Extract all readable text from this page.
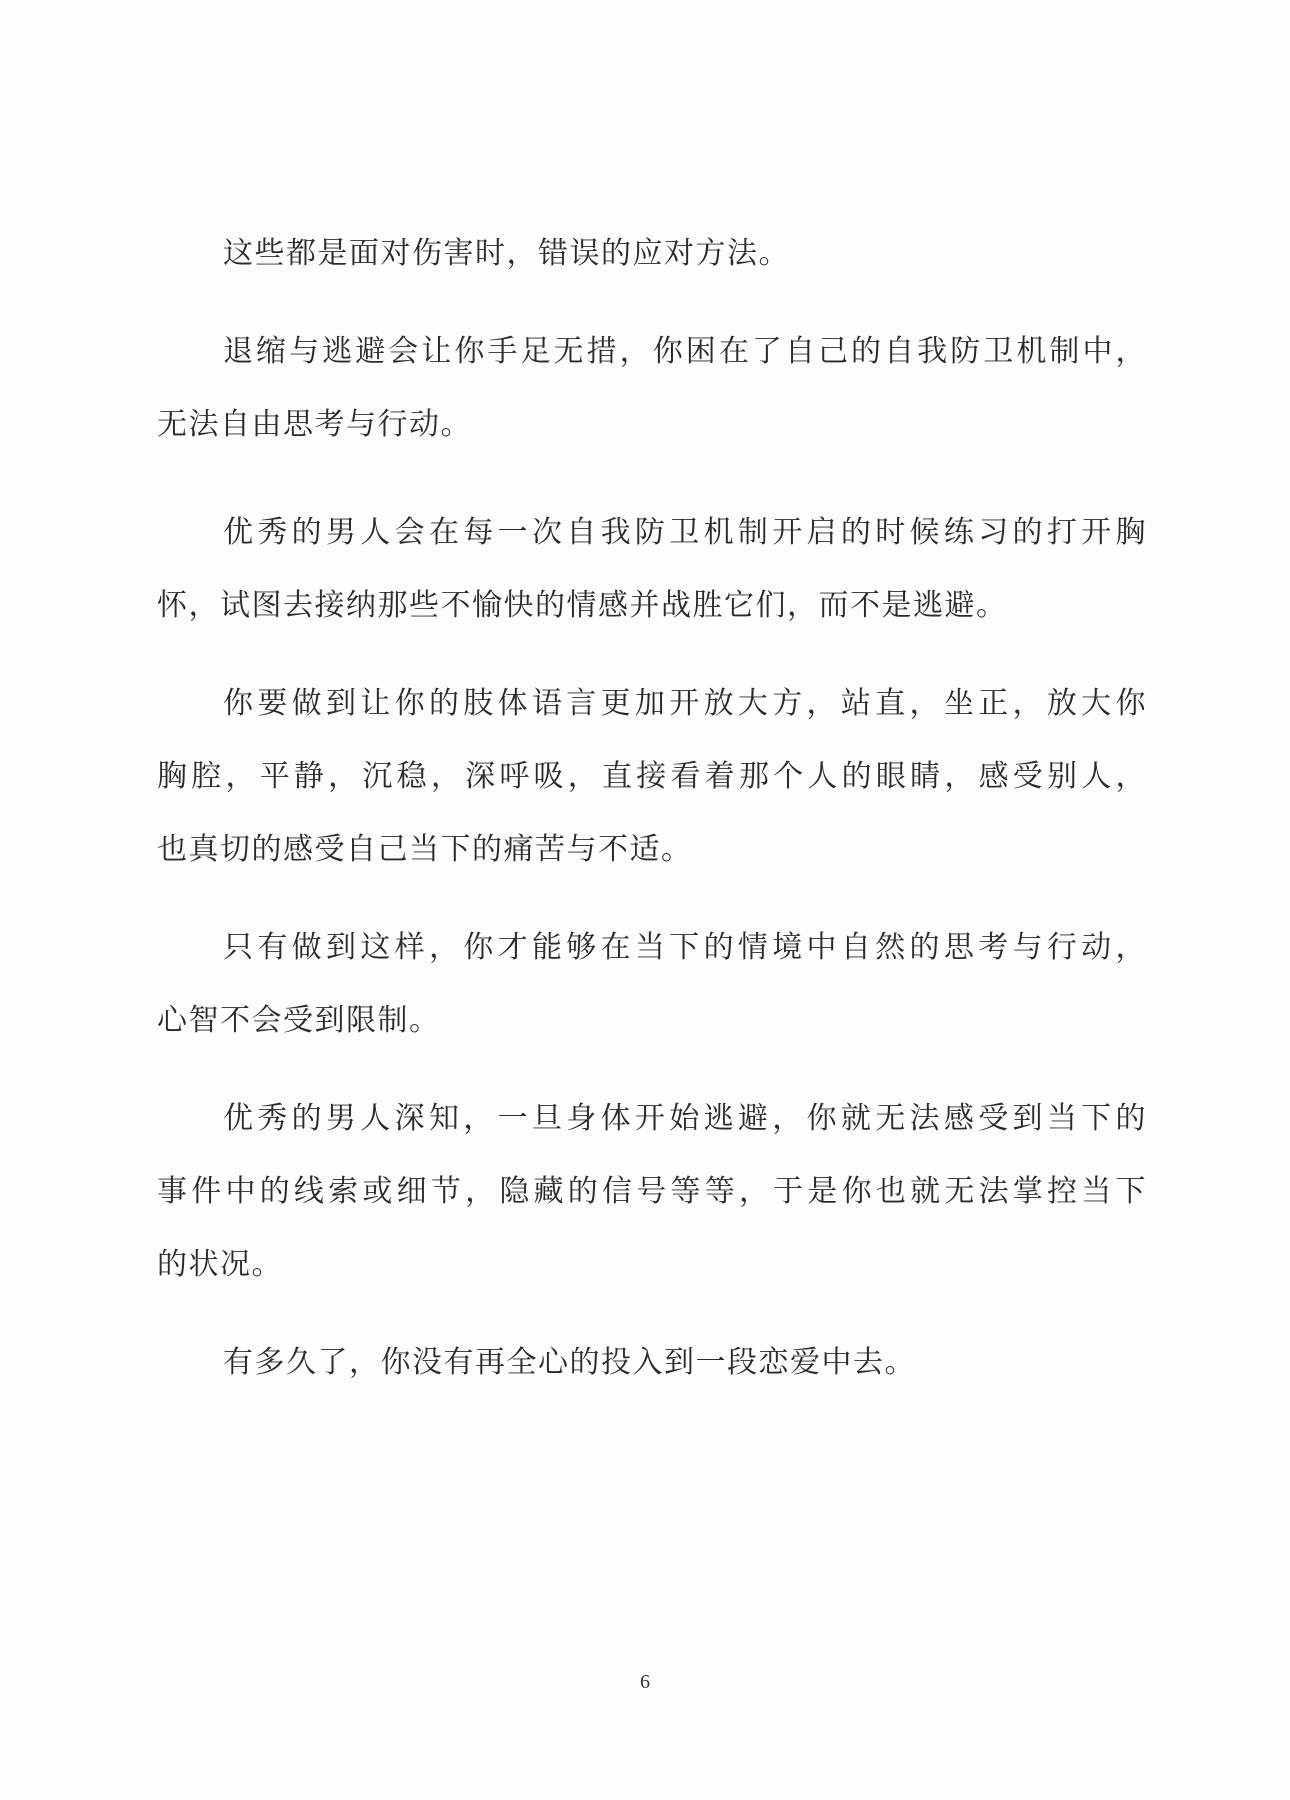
这些都是面对伤害时，错误的应对方法。
退缩与逃避会让你手足无措，你困在了自己的自我防卫机制中，
无法自由思考与行动。
优秀的男人会在每一次自我防卫机制开启的时候练习的打开胸
怀，试图去接纳那些不愉快的情感并战胜它们，而不是逃避。
你要做到让你的肢体语言更加开放大方，站直，坐正，放大你
胸腔，平静，沉稳，深呼吸，直接看着那个人的眼睛，感受别人，
也真切的感受自己当下的痛苦与不适。
只有做到这样，你才能够在当下的情境中自然的思考与行动，
心智不会受到限制。
优秀的男人深知，一旦身体开始逃避，你就无法感受到当下的
事件中的线索或细节，隐藏的信号等等，于是你也就无法掌控当下
的状况。
有多久了，你没有再全心的投入到一段恋爱中去。
6
